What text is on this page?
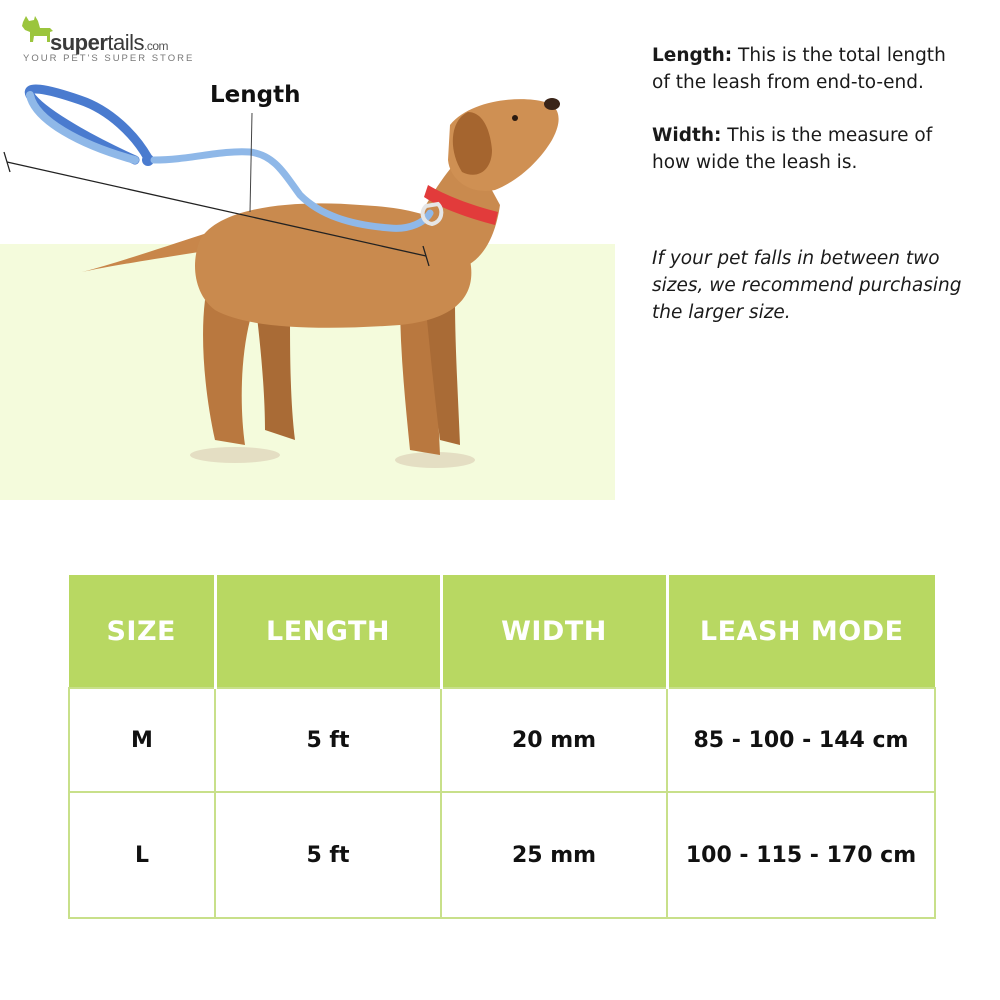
supertails.com
YOUR PET'S SUPER STORE
Length
Length: This is the total length of the leash from end-to-end.
Width: This is the measure of how wide the leash is.
If your pet falls in between two sizes, we recommend purchasing the larger size.
SIZE	LENGTH	WIDTH	LEASH MODE
M	5 ft	20 mm	85 - 100 - 144 cm
L	5 ft	25 mm	100 - 115 - 170 cm
